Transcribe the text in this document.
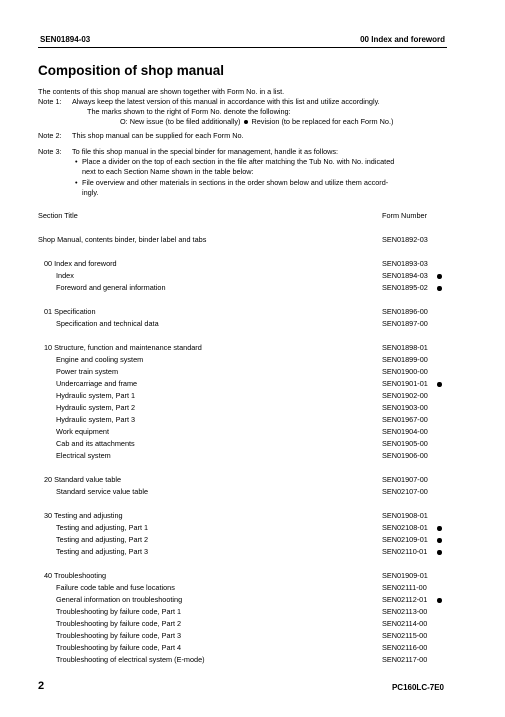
SEN01894-03	00 Index and foreword
Composition of shop manual
The contents of this shop manual are shown together with Form No. in a list.
Note 1: Always keep the latest version of this manual in accordance with this list and utilize accordingly.
The marks shown to the right of Form No. denote the following:
O: New issue (to be filed additionally) Revision (to be replaced for each Form No.)
Note 2: This shop manual can be supplied for each Form No.
Note 3: To file this shop manual in the special binder for management, handle it as follows:
• Place a divider on the top of each section in the file after matching the Tub No. with No. indicated
next to each Section Name shown in the table below:
• File overview and other materials in sections in the order shown below and utilize them accord-
ingly.
Section Title	Form Number
Shop Manual, contents binder, binder label and tabs	SEN01892-03
00 Index and foreword	SEN01893-03
Index	SEN01894-03
Foreword and general information	SEN01895-02
01 Specification	SEN01896-00
Specification and technical data	SEN01897-00
10 Structure, function and maintenance standard	SEN01898-01
Engine and cooling system	SEN01899-00
Power train system	SEN01900-00
Undercarriage and frame	SEN01901-01
Hydraulic system, Part 1	SEN01902-00
Hydraulic system, Part 2	SEN01903-00
Hydraulic system, Part 3	SEN01967-00
Work equipment	SEN01904-00
Cab and its attachments	SEN01905-00
Electrical system	SEN01906-00
20 Standard value table	SEN01907-00
Standard service value table	SEN02107-00
30 Testing and adjusting	SEN01908-01
Testing and adjusting, Part 1	SEN02108-01
Testing and adjusting, Part 2	SEN02109-01
Testing and adjusting, Part 3	SEN02110-01
40 Troubleshooting	SEN01909-01
Failure code table and fuse locations	SEN02111-00
General information on troubleshooting	SEN02112-01
Troubleshooting by failure code, Part 1	SEN02113-00
Troubleshooting by failure code, Part 2	SEN02114-00
Troubleshooting by failure code, Part 3	SEN02115-00
Troubleshooting by failure code, Part 4	SEN02116-00
Troubleshooting of electrical system (E-mode)	SEN02117-00
2	PC160LC-7E0
